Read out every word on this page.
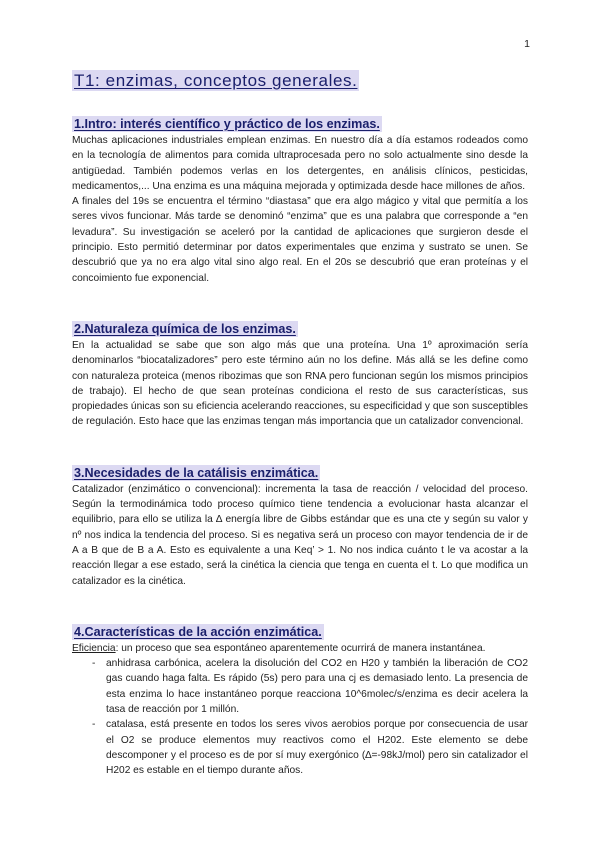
1
T1: enzimas, conceptos generales.
1.Intro: interés científico y práctico de los enzimas.

Muchas aplicaciones industriales emplean enzimas. En nuestro día a día estamos rodeados como en la tecnología de alimentos para comida ultraprocesada pero no solo actualmente sino desde la antigüedad. También podemos verlas en los detergentes, en análisis clínicos, pesticidas, medicamentos,... Una enzima es una máquina mejorada y optimizada desde hace millones de años.

A finales del 19s se encuentra el término “diastasa” que era algo mágico y vital que permitía a los seres vivos funcionar. Más tarde se denominó “enzima” que es una palabra que corresponde a “en levadura”. Su investigación se aceleró por la cantidad de aplicaciones que surgieron desde el principio. Esto permitió determinar por datos experimentales que enzima y sustrato se unen. Se descubrió que ya no era algo vital sino algo real. En el 20s se descubrió que eran proteínas y el concoimiento fue exponencial.

2.Naturaleza química de los enzimas.

En la actualidad se sabe que son algo más que una proteína. Una 1º aproximación sería denominarlos “biocatalizadores” pero este término aún no los define. Más allá se les define como con naturaleza proteica (menos ribozimas que son RNA pero funcionan según los mismos principios de trabajo). El hecho de que sean proteínas condiciona el resto de sus características, sus propiedades únicas son su eficiencia acelerando reacciones, su especificidad y que son susceptibles de regulación. Esto hace que las enzimas tengan más importancia que un catalizador convencional.

3.Necesidades de la catálisis enzimática.

Catalizador (enzimático o convencional): incrementa la tasa de reacción / velocidad del proceso. Según la termodinámica todo proceso químico tiene tendencia a evolucionar hasta alcanzar el equilibrio, para ello se utiliza la ∆ energía libre de Gibbs estándar que es una cte y según su valor y nº nos indica la tendencia del proceso. Si es negativa será un proceso con mayor tendencia de ir de A a B que de B a A. Esto es equivalente a una Keq’ > 1. No nos indica cuánto t le va acostar a la reacción llegar a ese estado, será la cinética la ciencia que tenga en cuenta el t. Lo que modifica un catalizador es la cinética.

4.Características de la acción enzimática.

Eficiencia: un proceso que sea espontáneo aparentemente ocurrirá de manera instantánea.

- anhidrasa carbónica, acelera la disolución del CO2 en H20 y también la liberación de CO2 gas cuando haga falta. Es rápido (5s) pero para una cj es demasiado lento. La presencia de esta enzima lo hace instantáneo porque reacciona 10^6molec/s/enzima es decir acelera la tasa de reacción por 1 millón.
- catalasa, está presente en todos los seres vivos aerobios porque por consecuencia de usar el O2 se produce elementos muy reactivos como el H202. Este elemento se debe descomponer y el proceso es de por sí muy exergónico (∆=-98kJ/mol) pero sin catalizador el H202 es estable en el tiempo durante años.
